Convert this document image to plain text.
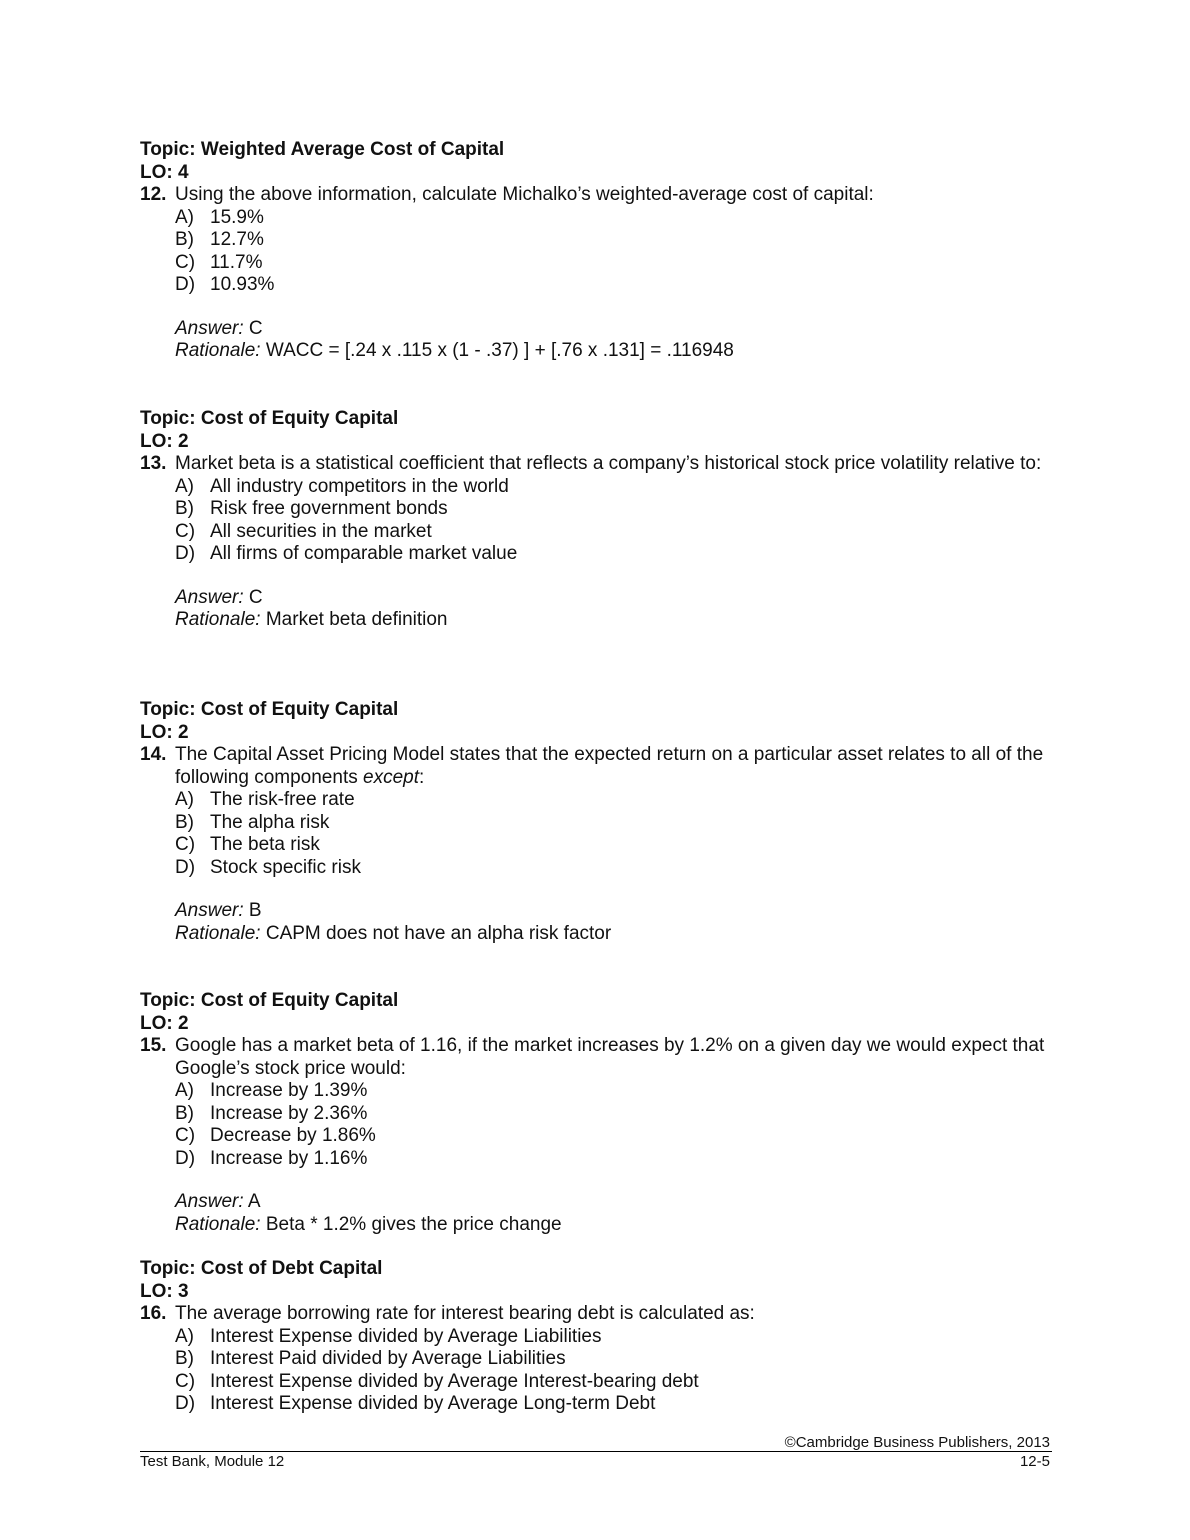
Topic: Weighted Average Cost of Capital
LO: 4
12. Using the above information, calculate Michalko’s weighted-average cost of capital:
A) 15.9%
B) 12.7%
C) 11.7%
D) 10.93%
Answer: C
Rationale: WACC = [.24 x .115 x (1 - .37) ] + [.76 x .131] = .116948
Topic: Cost of Equity Capital
LO: 2
13. Market beta is a statistical coefficient that reflects a company’s historical stock price volatility relative to:
A) All industry competitors in the world
B) Risk free government bonds
C) All securities in the market
D) All firms of comparable market value
Answer: C
Rationale: Market beta definition
Topic: Cost of Equity Capital
LO: 2
14. The Capital Asset Pricing Model states that the expected return on a particular asset relates to all of the following components except:
A) The risk-free rate
B) The alpha risk
C) The beta risk
D) Stock specific risk
Answer: B
Rationale: CAPM does not have an alpha risk factor
Topic: Cost of Equity Capital
LO: 2
15. Google has a market beta of 1.16, if the market increases by 1.2% on a given day we would expect that Google’s stock price would:
A) Increase by 1.39%
B) Increase by 2.36%
C) Decrease by 1.86%
D) Increase by 1.16%
Answer: A
Rationale: Beta * 1.2% gives the price change
Topic: Cost of Debt Capital
LO: 3
16. The average borrowing rate for interest bearing debt is calculated as:
A) Interest Expense divided by Average Liabilities
B) Interest Paid divided by Average Liabilities
C) Interest Expense divided by Average Interest-bearing debt
D) Interest Expense divided by Average Long-term Debt
©Cambridge Business Publishers, 2013
Test Bank, Module 12	12-5
